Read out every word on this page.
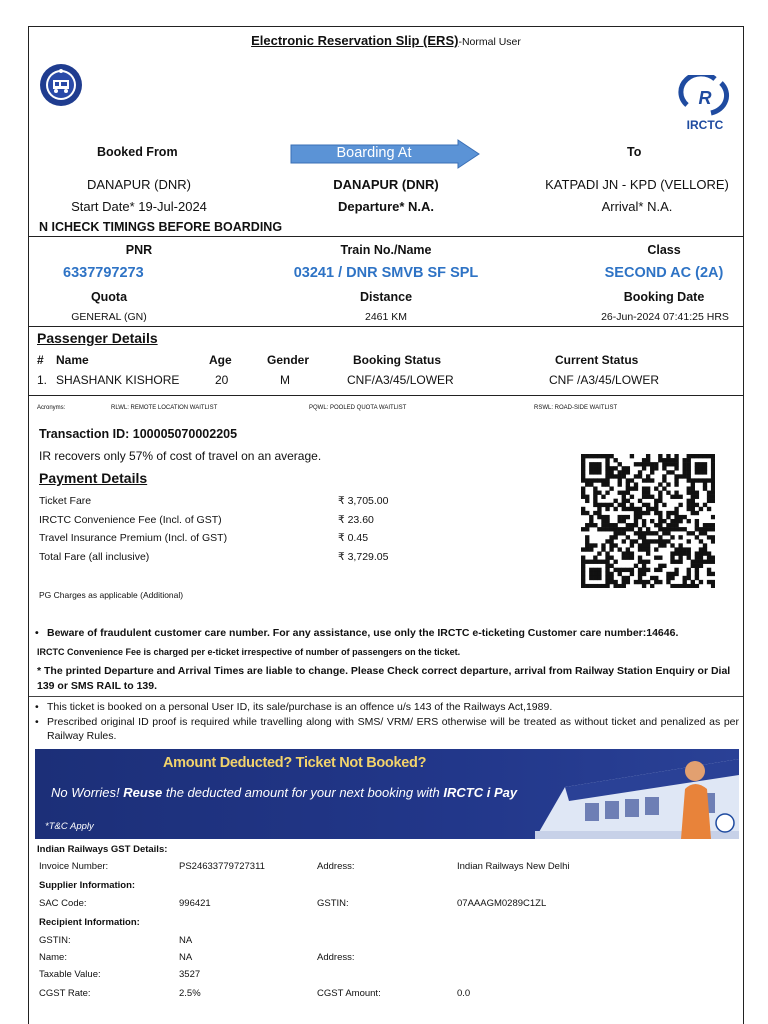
Electronic Reservation Slip (ERS)-Normal User
R
IRCTC
Booked From	Boarding At	To
DANAPUR (DNR)	DANAPUR (DNR)	KATPADI JN - KPD (VELLORE)
Start Date* 19-Jul-2024	Departure* N.A.	Arrival* N.A.
N ICHECK TIMINGS BEFORE BOARDING
PNR	Train No./Name	Class
6337797273	03241 / DNR SMVB SF SPL	SECOND AC (2A)
Quota	Distance	Booking Date
GENERAL (GN)	2461 KM	26-Jun-2024 07:41:25 HRS
Passenger Details
# Name	Age	Gender	Booking Status	Current Status
1. SHASHANK KISHORE	20	M	CNF/A3/45/LOWER	CNF /A3/45/LOWER
Acronyms:	RLWL: REMOTE LOCATION WAITLIST	PQWL: POOLED QUOTA WAITLIST	RSWL: ROAD-SIDE WAITLIST
Transaction ID: 100005070002205
IR recovers only 57% of cost of travel on an average.
Payment Details
Ticket Fare	₹ 3,705.00
IRCTC Convenience Fee (Incl. of GST)	₹ 23.60
Travel Insurance Premium (Incl. of GST)	₹ 0.45
Total Fare (all inclusive)	₹ 3,729.05
PG Charges as applicable (Additional)
• Beware of fraudulent customer care number. For any assistance, use only the IRCTC e-ticketing Customer care number:14646.
IRCTC Convenience Fee is charged per e-ticket irrespective of number of passengers on the ticket.
* The printed Departure and Arrival Times are liable to change. Please Check correct departure, arrival from Railway Station Enquiry or Dial 139 or SMS RAIL to 139.
• This ticket is booked on a personal User ID, its sale/purchase is an offence u/s 143 of the Railways Act,1989.
• Prescribed original ID proof is required while travelling along with SMS/ VRM/ ERS otherwise will be treated as without ticket and penalized as per Railway Rules.
Amount Deducted? Ticket Not Booked?
No Worries! Reuse the deducted amount for your next booking with IRCTC i Pay
*T&C Apply
Indian Railways GST Details:
Invoice Number:	PS24633779727311	Address:	Indian Railways New Delhi
Supplier Information:
SAC Code:	996421	GSTIN:	07AAAGM0289C1ZL
Recipient Information:
GSTIN:	NA
Name:	NA	Address:
Taxable Value:	3527
CGST Rate:	2.5%	CGST Amount:	0.0
